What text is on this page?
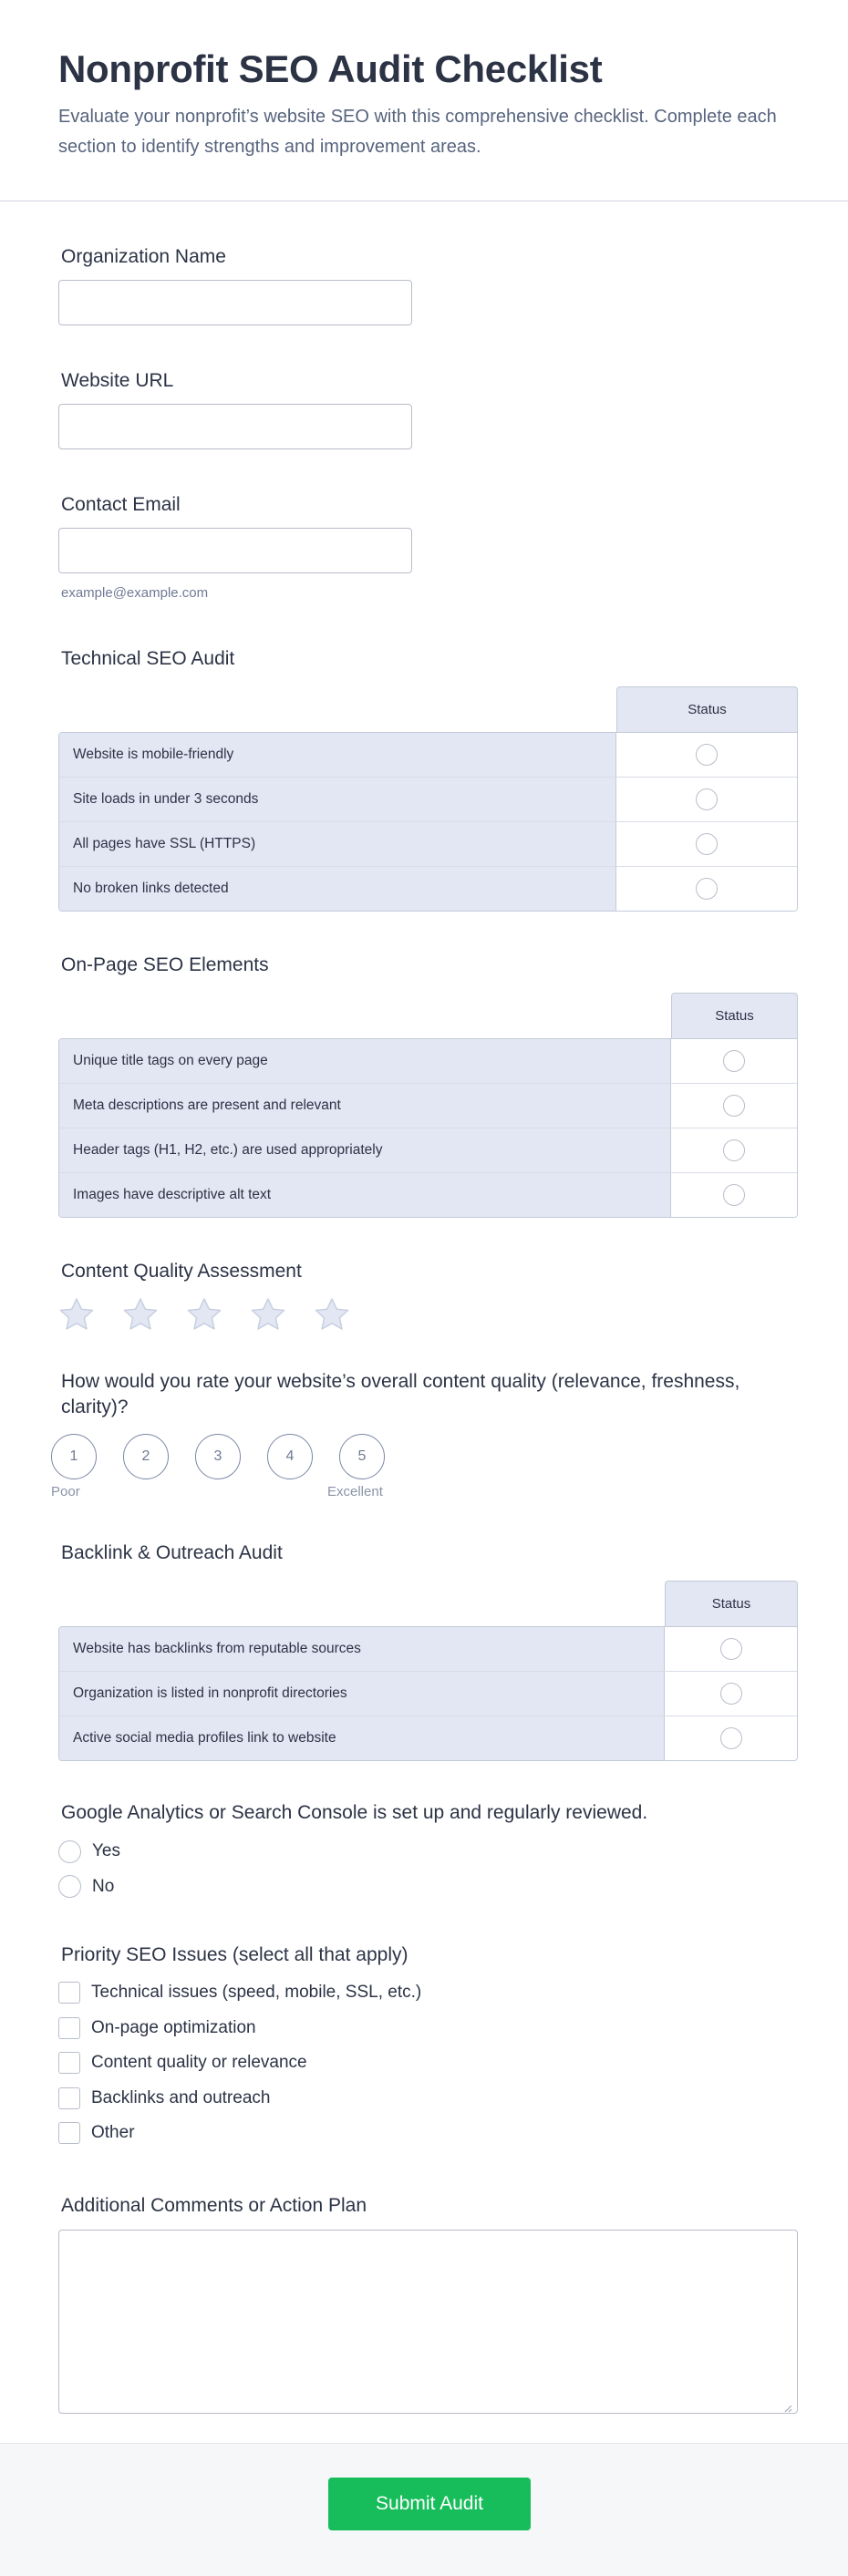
Nonprofit SEO Audit Checklist

Evaluate your nonprofit’s website SEO with this comprehensive checklist. Complete each section to identify strengths and improvement areas.

Organization Name
Website URL
Contact Email
example@example.com
Technical SEO Audit
Status
Website is mobile-friendly
Site loads in under 3 seconds
All pages have SSL (HTTPS)
No broken links detected
On-Page SEO Elements
Status
Unique title tags on every page
Meta descriptions are present and relevant
Header tags (H1, H2, etc.) are used appropriately
Images have descriptive alt text
Content Quality Assessment
How would you rate your website’s overall content quality (relevance, freshness, clarity)?
1	2	3	4	5
Poor	Excellent
Backlink & Outreach Audit
Status
Website has backlinks from reputable sources
Organization is listed in nonprofit directories
Active social media profiles link to website
Google Analytics or Search Console is set up and regularly reviewed.
Yes
No
Priority SEO Issues (select all that apply)
Technical issues (speed, mobile, SSL, etc.)
On-page optimization
Content quality or relevance
Backlinks and outreach
Other
Additional Comments or Action Plan
Submit Audit
